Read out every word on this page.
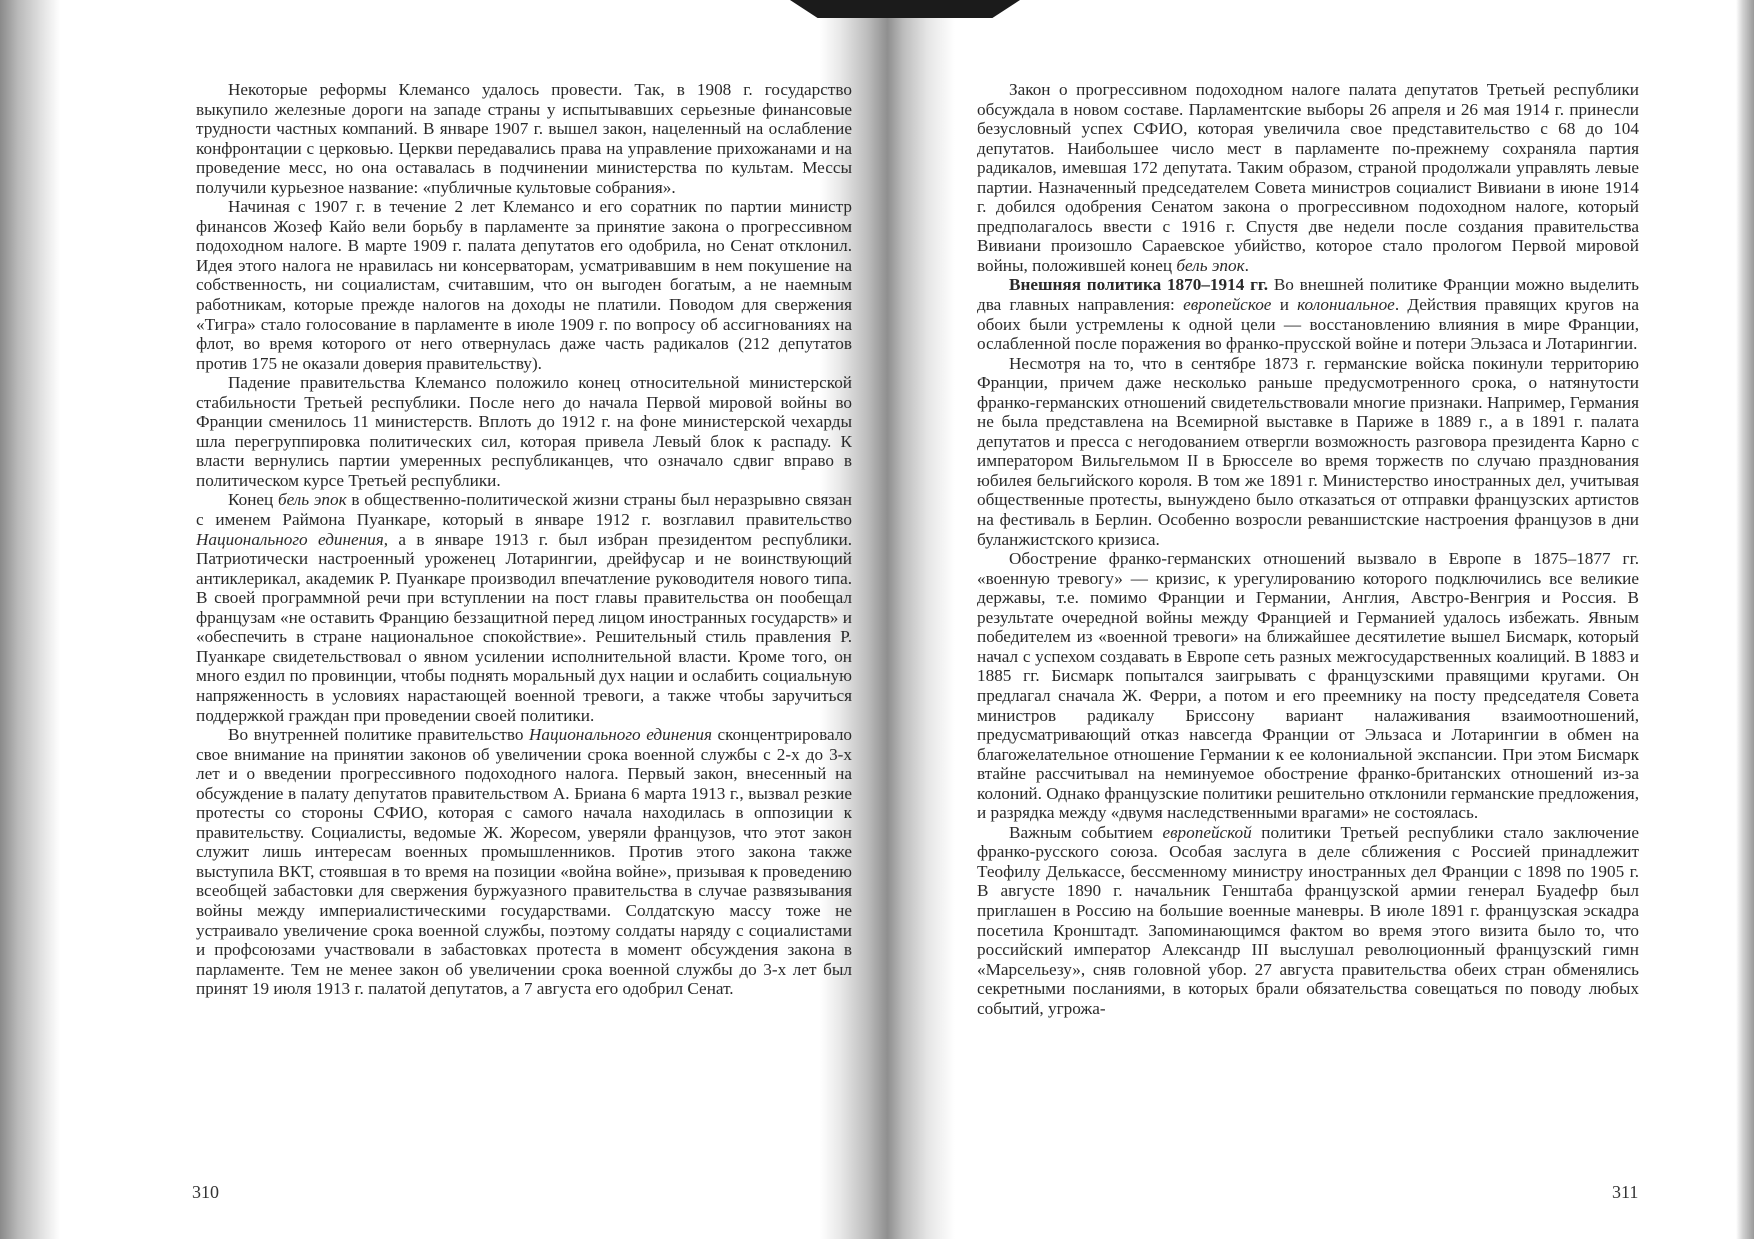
Некоторые реформы Клемансо удалось провести. Так, в 1908 г. государство выкупило железные дороги на западе страны у испытывавших серьезные финансовые трудности частных компаний. В январе 1907 г. вышел закон, нацеленный на ослабление конфронтации с церковью. Церкви передавались права на управление прихожанами и на проведение месс, но она оставалась в подчинении министерства по культам. Мессы получили курьезное название: «публичные культовые собрания».

Начиная с 1907 г. в течение 2 лет Клемансо и его соратник по партии министр финансов Жозеф Кайо вели борьбу в парламенте за принятие закона о прогрессивном подоходном налоге. В марте 1909 г. палата депутатов его одобрила, но Сенат отклонил. Идея этого налога не нравилась ни консерваторам, усматривавшим в нем покушение на собственность, ни социалистам, считавшим, что он выгоден богатым, а не наемным работникам, которые прежде налогов на доходы не платили. Поводом для свержения «Тигра» стало голосование в парламенте в июле 1909 г. по вопросу об ассигнованиях на флот, во время которого от него отвернулась даже часть радикалов (212 депутатов против 175 не оказали доверия правительству).

Падение правительства Клемансо положило конец относительной министерской стабильности Третьей республики. После него до начала Первой мировой войны во Франции сменилось 11 министерств. Вплоть до 1912 г. на фоне министерской чехарды шла перегруппировка политических сил, которая привела Левый блок к распаду. К власти вернулись партии умеренных республиканцев, что означало сдвиг вправо в политическом курсе Третьей республики.

Конец бель эпок в общественно-политической жизни страны был неразрывно связан с именем Раймона Пуанкаре, который в январе 1912 г. возглавил правительство Национального единения, а в январе 1913 г. был избран президентом республики. Патриотически настроенный уроженец Лотарингии, дрейфусар и не воинствующий антиклерикал, академик Р. Пуанкаре производил впечатление руководителя нового типа. В своей программной речи при вступлении на пост главы правительства он пообещал французам «не оставить Францию беззащитной перед лицом иностранных государств» и «обеспечить в стране национальное спокойствие». Решительный стиль правления Р. Пуанкаре свидетельствовал о явном усилении исполнительной власти. Кроме того, он много ездил по провинции, чтобы поднять моральный дух нации и ослабить социальную напряженность в условиях нарастающей военной тревоги, а также чтобы заручиться поддержкой граждан при проведении своей политики.

Во внутренней политике правительство Национального единения сконцентрировало свое внимание на принятии законов об увеличении срока военной службы с 2-х до 3-х лет и о введении прогрессивного подоходного налога. Первый закон, внесенный на обсуждение в палату депутатов правительством А. Бриана 6 марта 1913 г., вызвал резкие протесты со стороны СФИО, которая с самого начала находилась в оппозиции к правительству. Социалисты, ведомые Ж. Жоресом, уверяли французов, что этот закон служит лишь интересам военных промышленников. Против этого закона также выступила ВКТ, стоявшая в то время на позиции «война войне», призывая к проведению всеобщей забастовки для свержения буржуазного правительства в случае развязывания войны между империалистическими государствами. Солдатскую массу тоже не устраивало увеличение срока военной службы, поэтому солдаты наряду с социалистами и профсоюзами участвовали в забастовках протеста в момент обсуждения закона в парламенте. Тем не менее закон об увеличении срока военной службы до 3-х лет был принят 19 июля 1913 г. палатой депутатов, а 7 августа его одобрил Сенат.

Закон о прогрессивном подоходном налоге палата депутатов Третьей республики обсуждала в новом составе. Парламентские выборы 26 апреля и 26 мая 1914 г. принесли безусловный успех СФИО, которая увеличила свое представительство с 68 до 104 депутатов. Наибольшее число мест в парламенте по-прежнему сохраняла партия радикалов, имевшая 172 депутата. Таким образом, страной продолжали управлять левые партии. Назначенный председателем Совета министров социалист Вивиани в июне 1914 г. добился одобрения Сенатом закона о прогрессивном подоходном налоге, который предполагалось ввести с 1916 г. Спустя две недели после создания правительства Вивиани произошло Сараевское убийство, которое стало прологом Первой мировой войны, положившей конец бель эпок.

Внешняя политика 1870–1914 гг. Во внешней политике Франции можно выделить два главных направления: европейское и колониальное. Действия правящих кругов на обоих были устремлены к одной цели — восстановлению влияния в мире Франции, ослабленной после поражения во франко-прусской войне и потери Эльзаса и Лотарингии.

Несмотря на то, что в сентябре 1873 г. германские войска покинули территорию Франции, причем даже несколько раньше предусмотренного срока, о натянутости франко-германских отношений свидетельствовали многие признаки. Например, Германия не была представлена на Всемирной выставке в Париже в 1889 г., а в 1891 г. палата депутатов и пресса с негодованием отвергли возможность разговора президента Карно с императором Вильгельмом II в Брюсселе во время торжеств по случаю празднования юбилея бельгийского короля. В том же 1891 г. Министерство иностранных дел, учитывая общественные протесты, вынуждено было отказаться от отправки французских артистов на фестиваль в Берлин. Особенно возросли реваншистские настроения французов в дни буланжистского кризиса.

Обострение франко-германских отношений вызвало в Европе в 1875–1877 гг. «военную тревогу» — кризис, к урегулированию которого подключились все великие державы, т.е. помимо Франции и Германии, Англия, Австро-Венгрия и Россия. В результате очередной войны между Францией и Германией удалось избежать. Явным победителем из «военной тревоги» на ближайшее десятилетие вышел Бисмарк, который начал с успехом создавать в Европе сеть разных межгосударственных коалиций. В 1883 и 1885 гг. Бисмарк попытался заигрывать с французскими правящими кругами. Он предлагал сначала Ж. Ферри, а потом и его преемнику на посту председателя Совета министров радикалу Бриссону вариант налаживания взаимоотношений, предусматривающий отказ навсегда Франции от Эльзаса и Лотарингии в обмен на благожелательное отношение Германии к ее колониальной экспансии. При этом Бисмарк втайне рассчитывал на неминуемое обострение франко-британских отношений из-за колоний. Однако французские политики решительно отклонили германские предложения, и разрядка между «двумя наследственными врагами» не состоялась.

Важным событием европейской политики Третьей республики стало заключение франко-русского союза. Особая заслуга в деле сближения с Россией принадлежит Теофилу Делькассе, бессменному министру иностранных дел Франции с 1898 по 1905 г. В августе 1890 г. начальник Генштаба французской армии генерал Буадефр был приглашен в Россию на большие военные маневры. В июле 1891 г. французская эскадра посетила Кронштадт. Запоминающимся фактом во время этого визита было то, что российский император Александр III выслушал революционный французский гимн «Марсельезу», сняв головной убор. 27 августа правительства обеих стран обменялись секретными посланиями, в которых брали обязательства совещаться по поводу любых событий, угрожа-

310	311
